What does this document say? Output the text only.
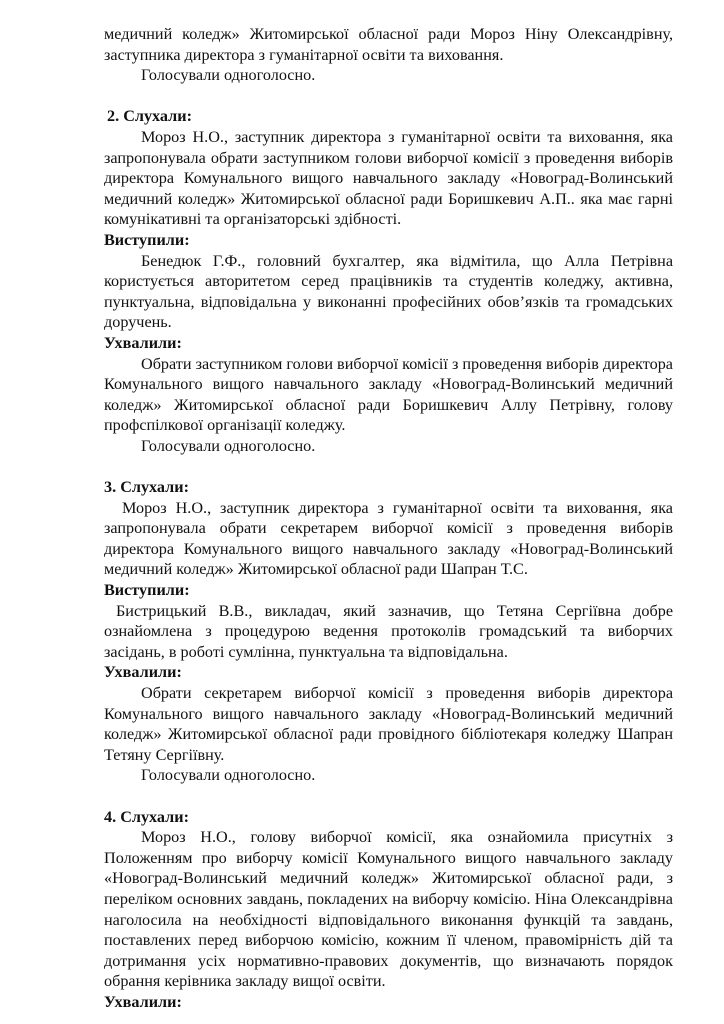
медичний коледж» Житомирської обласної ради Мороз Ніну Олександрівну, заступника директора з гуманітарної освіти та виховання.

Голосували одноголосно.

2. Слухали:

Мороз Н.О., заступник директора з гуманітарної освіти та виховання, яка запропонувала обрати заступником голови виборчої комісії з проведення виборів директора Комунального вищого навчального закладу «Новоград-Волинський медичний коледж» Житомирської обласної ради Боришкевич А.П.. яка має гарні комунікативні та організаторські здібності.

Виступили:

Бенедюк Г.Ф., головний бухгалтер, яка відмітила, що Алла Петрівна користується авторитетом серед працівників та студентів коледжу, активна, пунктуальна, відповідальна у виконанні професійних обов’язків та громадських доручень.

Ухвалили:

Обрати заступником голови виборчої комісії з проведення виборів директора Комунального вищого навчального закладу «Новоград-Волинський медичний коледж» Житомирської обласної ради Боришкевич Аллу Петрівну, голову профспілкової організації коледжу.

Голосували одноголосно.

3. Слухали:

Мороз Н.О., заступник директора з гуманітарної освіти та виховання, яка запропонувала обрати секретарем виборчої комісії з проведення виборів директора Комунального вищого навчального закладу «Новоград-Волинський медичний коледж» Житомирської обласної ради Шапран Т.С.

Виступили:

Бистрицький В.В., викладач, який зазначив, що Тетяна Сергіївна добре ознайомлена з процедурою ведення протоколів громадський та виборчих засідань, в роботі сумлінна, пунктуальна та відповідальна.

Ухвалили:

Обрати секретарем виборчої комісії з проведення виборів директора Комунального вищого навчального закладу «Новоград-Волинський медичний коледж» Житомирської обласної ради провідного бібліотекаря коледжу Шапран Тетяну Сергіївну.

Голосували одноголосно.

4. Слухали:

Мороз Н.О., голову виборчої комісії, яка ознайомила присутніх з Положенням про виборчу комісії Комунального вищого навчального закладу «Новоград-Волинський медичний коледж» Житомирської обласної ради, з переліком основних завдань, покладених на виборчу комісію. Ніна Олександрівна наголосила на необхідності відповідального виконання функцій та завдань, поставлених перед виборчою комісію, кожним її членом, правомірність дій та дотримання усіх нормативно-правових документів, що визначають порядок обрання керівника закладу вищої освіти.

Ухвалили:
